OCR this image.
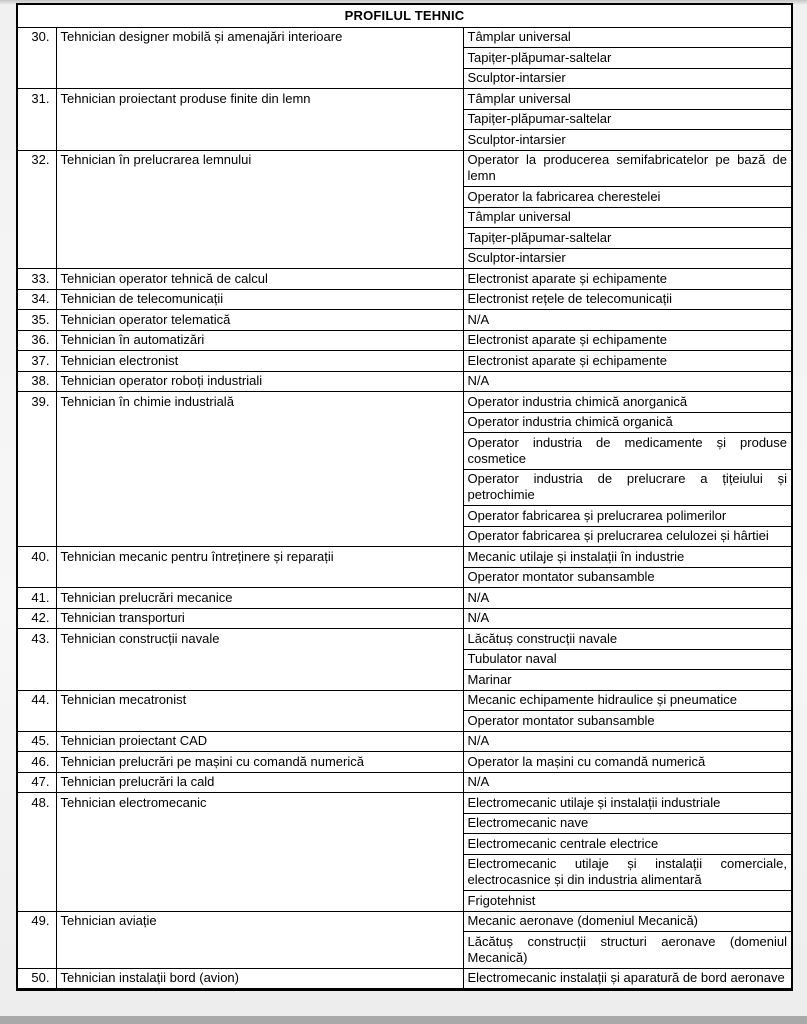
PROFILUL TEHNIC		
30.	Tehnician designer mobilă și amenajări interioare	Tâmplar universal
		Tapițer-plăpumar-saltelar
		Sculptor-intarsier
31.	Tehnician proiectant produse finite din lemn	Tâmplar universal
		Tapițer-plăpumar-saltelar
		Sculptor-intarsier
32.	Tehnician în prelucrarea lemnului	Operator la producerea semifabricatelor pe bază de lemn
		Operator la fabricarea cherestelei
		Tâmplar universal
		Tapițer-plăpumar-saltelar
		Sculptor-intarsier
33.	Tehnician operator tehnică de calcul	Electronist aparate și echipamente
34.	Tehnician de telecomunicații	Electronist rețele de telecomunicații
35.	Tehnician operator telematică	N/A
36.	Tehnician în automatizări	Electronist aparate și echipamente
37.	Tehnician electronist	Electronist aparate și echipamente
38.	Tehnician operator roboți industriali	N/A
39.	Tehnician în chimie industrială	Operator industria chimică anorganică
		Operator industria chimică organică
		Operator industria de medicamente și produse cosmetice
		Operator industria de prelucrare a țițeiului și petrochimie
		Operator fabricarea și prelucrarea polimerilor
		Operator fabricarea și prelucrarea celulozei și hârtiei
40.	Tehnician mecanic pentru întreținere și reparații	Mecanic utilaje și instalații în industrie
		Operator montator subansamble
41.	Tehnician prelucrări mecanice	N/A
42.	Tehnician transporturi	N/A
43.	Tehnician construcții navale	Lăcătuș construcții navale
		Tubulator naval
		Marinar
44.	Tehnician mecatronist	Mecanic echipamente hidraulice și pneumatice
		Operator montator subansamble
45.	Tehnician proiectant CAD	N/A
46.	Tehnician prelucrări pe mașini cu comandă numerică	Operator la mașini cu comandă numerică
47.	Tehnician prelucrări la cald	N/A
48.	Tehnician electromecanic	Electromecanic utilaje și instalații industriale
		Electromecanic nave
		Electromecanic centrale electrice
		Electromecanic utilaje și instalații comerciale, electrocasnice și din industria alimentară
		Frigotehnist
49.	Tehnician aviație	Mecanic aeronave (domeniul Mecanică)
		Lăcătuș construcții structuri aeronave (domeniul Mecanică)
50.	Tehnician instalații bord (avion)	Electromecanic instalații și aparatură de bord aeronave
